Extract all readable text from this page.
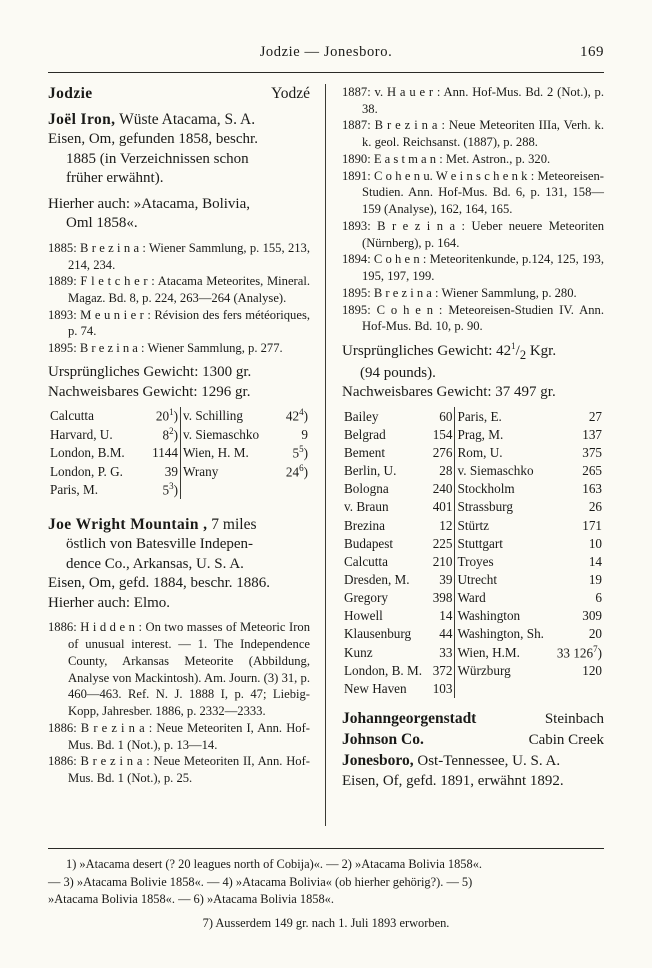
Jodzie — Jonesboro.	169
Jodzie	Yodzé
Joël Iron, Wüste Atacama, S. A.
Eisen, Om, gefunden 1858, beschr.
1885 (in Verzeichnissen schon
früher erwähnt).
Hierher auch: »Atacama, Bolivia,
Oml 1858«.
1885: B r e z i n a : Wiener Sammlung, p. 155, 213, 214, 234.
1889: F l e t c h e r : Atacama Meteorites, Mineral. Magaz. Bd. 8, p. 224, 263—264 (Analyse).
1893: M e u n i e r : Révision des fers météoriques, p. 74.
1895: B r e z i n a : Wiener Sammlung, p. 277.
Ursprüngliches Gewicht: 1300 gr.
Nachweisbares Gewicht: 1296 gr.
Calcutta	$20^1$)	v. Schilling	$42^4$)
Harvard, U.	$8^2$)	v. Siemaschko	9
London, B.M.	1144	Wien, H. M.	$5^5$)
London, P. G.	39	Wrany	$24^6$)
Paris, M.	$5^3$)		
Joe Wright Mountain , 7 miles
östlich von Batesville Indepen-
dence Co., Arkansas, U. S. A.
Eisen, Om, gefd. 1884, beschr. 1886.
Hierher auch: Elmo.
1886: H i d d e n : On two masses of Meteoric Iron of unusual interest. — 1. The Independence County, Arkansas Meteorite (Abbildung, Analyse von Mackintosh). Am. Journ. (3) 31, p. 460—463. Ref. N. J. 1888 I, p. 47; Liebig-Kopp, Jahresber. 1886, p. 2332—2333.
1886: B r e z i n a : Neue Meteoriten I, Ann. Hof-Mus. Bd. 1 (Not.), p. 13—14.
1886: B r e z i n a : Neue Meteoriten II, Ann. Hof-Mus. Bd. 1 (Not.), p. 25.
1887: v. H a u e r : Ann. Hof-Mus. Bd. 2 (Not.), p. 38.
1887: B r e z i n a : Neue Meteoriten IIIa, Verh. k. k. geol. Reichsanst. (1887), p. 288.
1890: E a s t m a n : Met. Astron., p. 320.
1891: C o h e n u. W e i n s c h e n k : Meteoreisen-Studien. Ann. Hof-Mus. Bd. 6, p. 131, 158—159 (Analyse), 162, 164, 165.
1893: B r e z i n a : Ueber neuere Meteoriten (Nürnberg), p. 164.
1894: C o h e n : Meteoritenkunde, p.124, 125, 193, 195, 197, 199.
1895: B r e z i n a : Wiener Sammlung, p. 280.
1895: C o h e n : Meteoreisen-Studien IV. Ann. Hof-Mus. Bd. 10, p. 90.
Ursprüngliches Gewicht: $42^1/_2$ Kgr.
(94 pounds).
Nachweisbares Gewicht: 37 497 gr.
Bailey	60	Paris, E.	27
Belgrad	154	Prag, M.	137
Bement	276	Rom, U.	375
Berlin, U.	28	v. Siemaschko	265
Bologna	240	Stockholm	163
v. Braun	401	Strassburg	26
Brezina	12	Stürtz	171
Budapest	225	Stuttgart	10
Calcutta	210	Troyes	14
Dresden, M.	39	Utrecht	19
Gregory	398	Ward	6
Howell	14	Washington	309
Klausenburg	44	Washington, Sh.	20
Kunz	33	Wien, H.M.	33 $126^7$)
London, B. M.	372	Würzburg	120
New Haven	103		
Johanngeorgenstadt	Steinbach
Johnson Co.	Cabin Creek
Jonesboro, Ost-Tennessee, U. S. A.
Eisen, Of, gefd. 1891, erwähnt 1892.
1) »Atacama desert (? 20 leagues north of Cobija)«. — 2) »Atacama Bolivia 1858«.
— 3) »Atacama Bolivie 1858«. — 4) »Atacama Bolivia« (ob hierher gehörig?). — 5)
»Atacama Bolivia 1858«. — 6) »Atacama Bolivia 1858«.
7) Ausserdem 149 gr. nach 1. Juli 1893 erworben.
